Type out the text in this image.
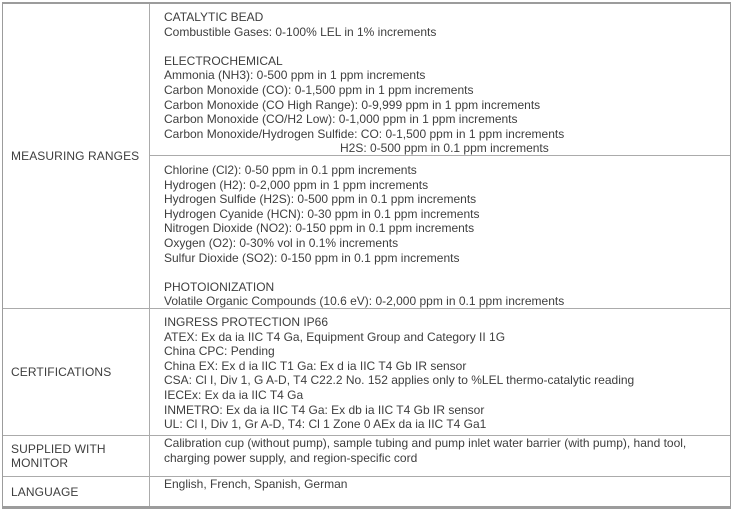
MEASURING RANGES
CATALYTIC BEAD
Combustible Gases: 0-100% LEL in 1% increments

ELECTROCHEMICAL
Ammonia (NH3): 0-500 ppm in 1 ppm increments
Carbon Monoxide (CO): 0-1,500 ppm in 1 ppm increments
Carbon Monoxide (CO High Range): 0-9,999 ppm in 1 ppm increments
Carbon Monoxide (CO/H2 Low): 0-1,000 ppm in 1 ppm increments
Carbon Monoxide/Hydrogen Sulfide: CO: 0-1,500 ppm in 1 ppm increments
H2S: 0-500 ppm in 0.1 ppm increments
Chlorine (Cl2): 0-50 ppm in 0.1 ppm increments
Hydrogen (H2): 0-2,000 ppm in 1 ppm increments
Hydrogen Sulfide (H2S): 0-500 ppm in 0.1 ppm increments
Hydrogen Cyanide (HCN): 0-30 ppm in 0.1 ppm increments
Nitrogen Dioxide (NO2): 0-150 ppm in 0.1 ppm increments
Oxygen (O2): 0-30% vol in 0.1% increments
Sulfur Dioxide (SO2): 0-150 ppm in 0.1 ppm increments

PHOTOIONIZATION
Volatile Organic Compounds (10.6 eV): 0-2,000 ppm in 0.1 ppm increments
CERTIFICATIONS
INGRESS PROTECTION IP66
ATEX: Ex da ia IIC T4 Ga, Equipment Group and Category II 1G
China CPC: Pending
China EX: Ex d ia IIC T1 Ga: Ex d ia IIC T4 Gb IR sensor
CSA: Cl I, Div 1, G A-D, T4 C22.2 No. 152 applies only to %LEL thermo-catalytic reading
IECEx: Ex da ia IIC T4 Ga
INMETRO: Ex da ia IIC T4 Ga: Ex db ia IIC T4 Gb IR sensor
UL: Cl I, Div 1, Gr A-D, T4: Cl 1 Zone 0 AEx da ia IIC T4 Ga1
SUPPLIED WITH MONITOR
Calibration cup (without pump), sample tubing and pump inlet water barrier (with pump), hand tool,
charging power supply, and region-specific cord
LANGUAGE
English, French, Spanish, German
